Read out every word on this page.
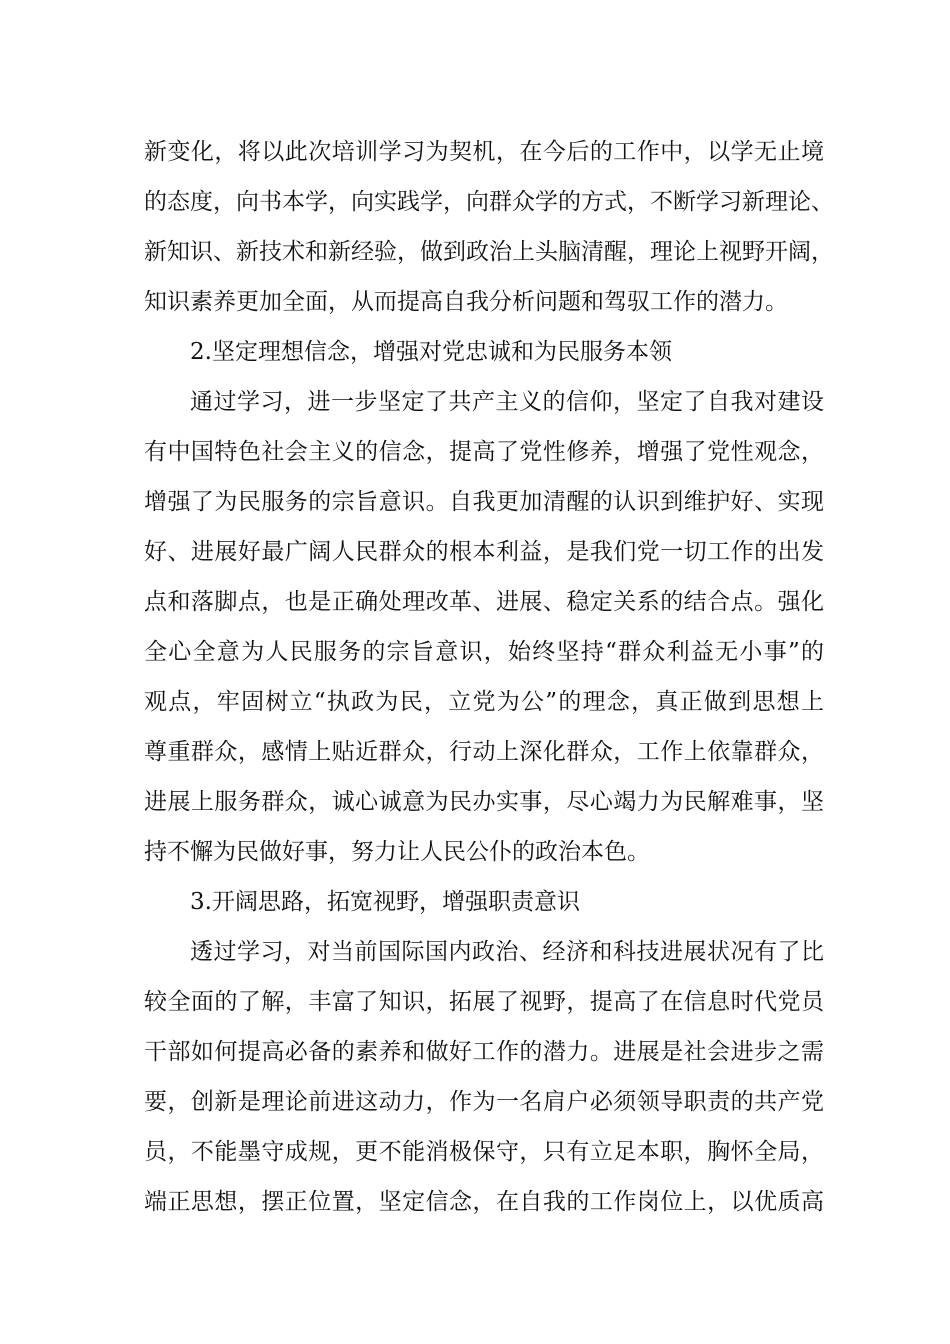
新变化，将以此次培训学习为契机，在今后的工作中，以学无止境
的态度，向书本学，向实践学，向群众学的方式，不断学习新理论、
新知识、新技术和新经验，做到政治上头脑清醒，理论上视野开阔，
知识素养更加全面，从而提高自我分析问题和驾驭工作的潜力。
2.坚定理想信念，增强对党忠诚和为民服务本领
通过学习，进一步坚定了共产主义的信仰，坚定了自我对建设
有中国特色社会主义的信念，提高了党性修养，增强了党性观念，
增强了为民服务的宗旨意识。自我更加清醒的认识到维护好、实现
好、进展好最广阔人民群众的根本利益，是我们党一切工作的出发
点和落脚点，也是正确处理改革、进展、稳定关系的结合点。强化
全心全意为人民服务的宗旨意识，始终坚持“群众利益无小事”的
观点，牢固树立“执政为民，立党为公”的理念，真正做到思想上
尊重群众，感情上贴近群众，行动上深化群众，工作上依靠群众，
进展上服务群众，诚心诚意为民办实事，尽心竭力为民解难事，坚
持不懈为民做好事，努力让人民公仆的政治本色。
3.开阔思路，拓宽视野，增强职责意识
透过学习，对当前国际国内政治、经济和科技进展状况有了比
较全面的了解，丰富了知识，拓展了视野，提高了在信息时代党员
干部如何提高必备的素养和做好工作的潜力。进展是社会进步之需
要，创新是理论前进这动力，作为一名肩户必须领导职责的共产党
员，不能墨守成规，更不能消极保守，只有立足本职，胸怀全局，
端正思想，摆正位置，坚定信念，在自我的工作岗位上，以优质高
